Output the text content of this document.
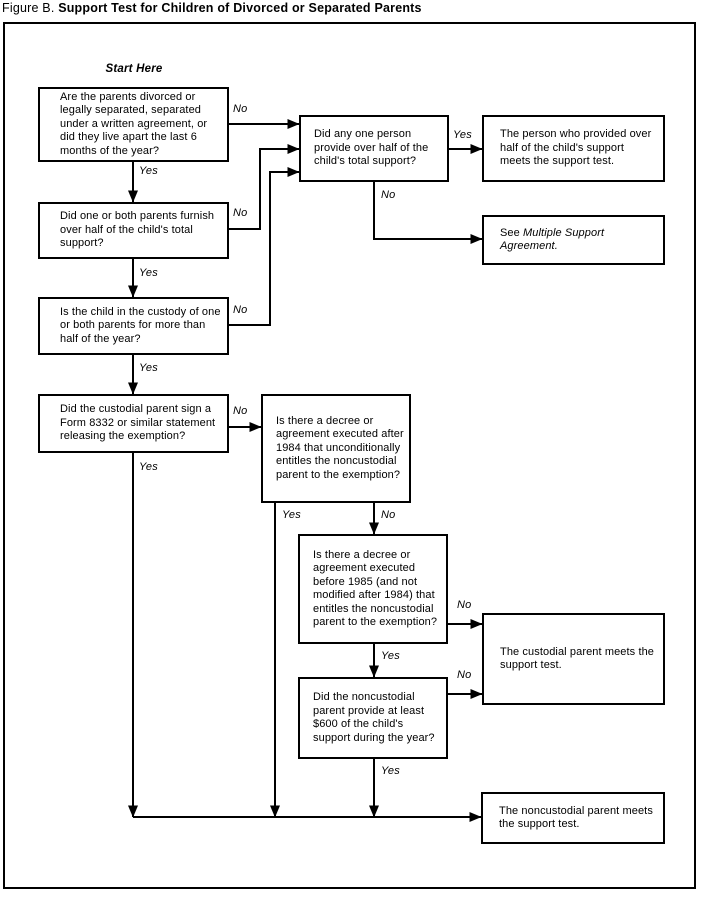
Figure B. Support Test for Children of Divorced or Separated Parents
Start Here
Are the parents divorced or legally separated, separated under a written agreement, or did they live apart the last 6 months of the year?
Did one or both parents furnish over half of the child's total support?
Is the child in the custody of one or both parents for more than half of the year?
Did the custodial parent sign a Form 8332 or similar statement releasing the exemption?
Did any one person provide over half of the child's total support?
The person who provided over half of the child's support meets the support test.
See Multiple Support Agreement.
Is there a decree or agreement executed after 1984 that unconditionally entitles the noncustodial parent to the exemption?
Is there a decree or agreement executed before 1985 (and not modified after 1984) that entitles the noncustodial parent to the exemption?
Did the noncustodial parent provide at least $600 of the child's support during the year?
The custodial parent meets the support test.
The noncustodial parent meets the support test.
Yes
No
Yes
No
Yes
No
Yes
No
Yes
No
Yes	No
Yes
No
Yes
No
